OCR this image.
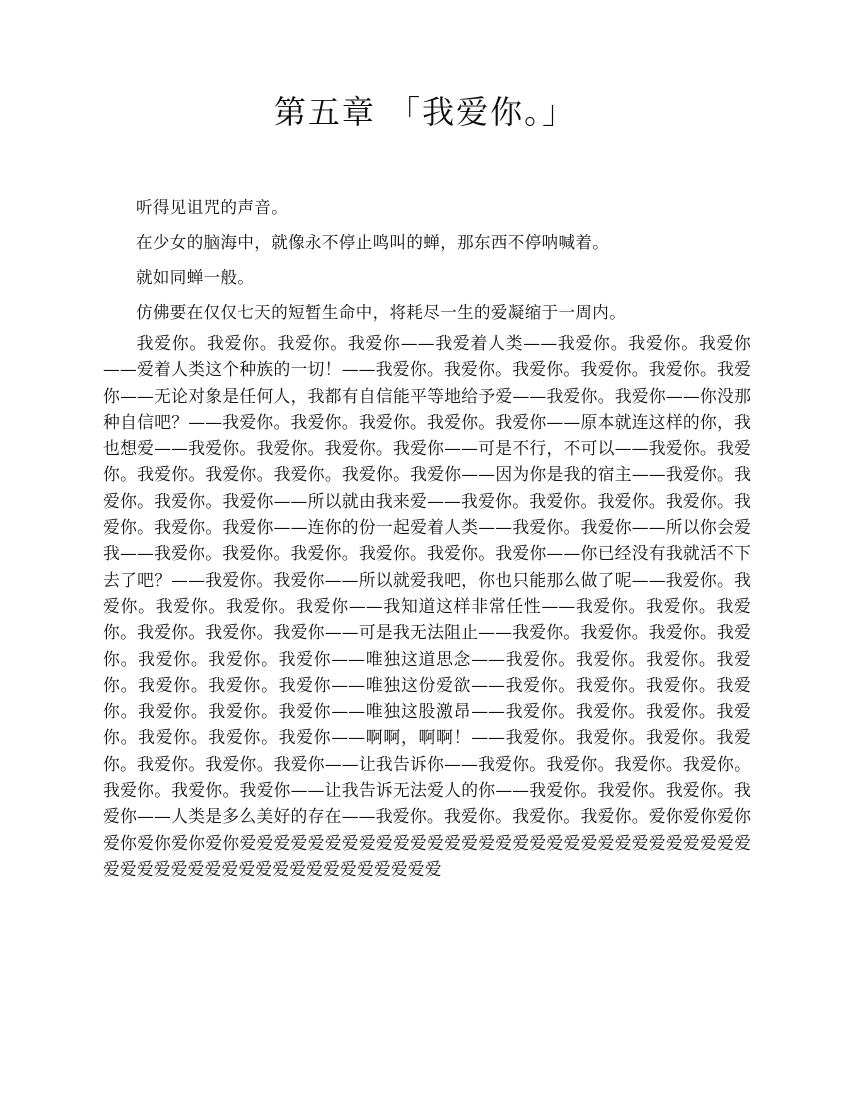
第五章 「我爱你。」

听得见诅咒的声音。

在少女的脑海中，就像永不停止鸣叫的蝉，那东西不停呐喊着。

就如同蝉一般。

仿佛要在仅仅七天的短暂生命中，将耗尽一生的爱凝缩于一周内。

我爱你。我爱你。我爱你。我爱你——我爱着人类——我爱你。我爱你。我爱你——爱着人类这个种族的一切！——我爱你。我爱你。我爱你。我爱你。我爱你。我爱你——无论对象是任何人，我都有自信能平等地给予爱——我爱你。我爱你——你没那种自信吧？——我爱你。我爱你。我爱你。我爱你。我爱你——原本就连这样的你，我也想爱——我爱你。我爱你。我爱你。我爱你——可是不行，不可以——我爱你。我爱你。我爱你。我爱你。我爱你。我爱你。我爱你——因为你是我的宿主——我爱你。我爱你。我爱你。我爱你——所以就由我来爱——我爱你。我爱你。我爱你。我爱你。我爱你。我爱你。我爱你——连你的份一起爱着人类——我爱你。我爱你——所以你会爱我——我爱你。我爱你。我爱你。我爱你。我爱你。我爱你——你已经没有我就活不下去了吧？——我爱你。我爱你——所以就爱我吧，你也只能那么做了呢——我爱你。我爱你。我爱你。我爱你。我爱你——我知道这样非常任性——我爱你。我爱你。我爱你。我爱你。我爱你。我爱你——可是我无法阻止——我爱你。我爱你。我爱你。我爱你。我爱你。我爱你。我爱你——唯独这道思念——我爱你。我爱你。我爱你。我爱你。我爱你。我爱你。我爱你——唯独这份爱欲——我爱你。我爱你。我爱你。我爱你。我爱你。我爱你。我爱你——唯独这股激昂——我爱你。我爱你。我爱你。我爱你。我爱你。我爱你。我爱你——啊啊，啊啊！——我爱你。我爱你。我爱你。我爱你。我爱你。我爱你。我爱你——让我告诉你——我爱你。我爱你。我爱你。我爱你。我爱你。我爱你。我爱你——让我告诉无法爱人的你——我爱你。我爱你。我爱你。我爱你——人类是多么美好的存在——我爱你。我爱你。我爱你。我爱你。爱你爱你爱你爱你爱你爱你爱你爱爱爱爱爱爱爱爱爱爱爱爱爱爱爱爱爱爱爱爱爱爱爱爱爱爱爱爱爱爱爱爱爱爱爱爱爱爱爱爱爱爱爱爱爱爱爱爱爱爱
